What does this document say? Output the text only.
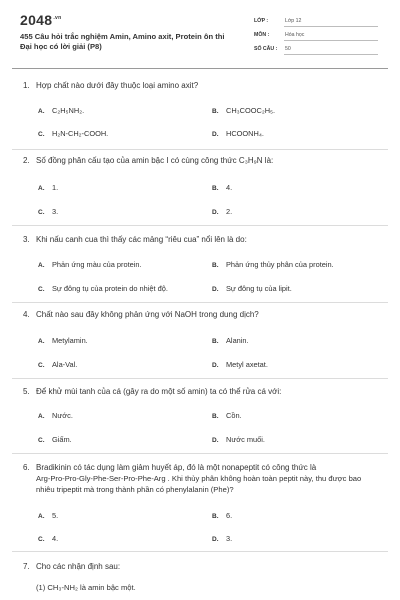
$2048^{.vn}$
455 Câu hỏi trắc nghiệm Amin, Amino axit, Protein ôn thi Đại học có lời giải (P8)
LỚP :	Lớp 12
MÔN :	Hóa học
SỐ CÂU : 50
1. Hợp chất nào dưới đây thuộc loại amino axit?
A. C₂H₅NH₂.	B. CH₃COOC₂H₅.
C. H₂N-CH₂-COOH.	D. HCOONH₄.
2. Số đồng phân cấu tạo của amin bậc I có cùng công thức C₃H₉N là:
A. 1.	B. 4.
C. 3.	D. 2.
3. Khi nấu canh cua thì thấy các mảng “riêu cua” nổi lên là do:
A. Phản ứng màu của protein.	B. Phản ứng thủy phân của protein.
C. Sự đông tụ của protein do nhiệt độ.	D. Sự đông tụ của lipit.
4. Chất nào sau đây không phản ứng với NaOH trong dung dịch?
A. Metylamin.	B. Alanin.
C. Ala-Val.	D. Metyl axetat.
5. Để khử mùi tanh của cá (gây ra do một số amin) ta có thể rửa cá với:
A. Nước.	B. Cồn.
C. Giấm.	D. Nước muối.
6. Bradikinin có tác dụng làm giảm huyết áp, đó là một nonapeptit có công thức là
Arg-Pro-Pro-Gly-Phe-Ser-Pro-Phe-Arg . Khi thủy phân không hoàn toàn peptit này, thu được bao nhiêu tripeptit mà trong thành phần có phenylalanin (Phe)?
A. 5.	B. 6.
C. 4.	D. 3.
7. Cho các nhận định sau:
(1) CH₃-NH₂ là amin bậc một.
